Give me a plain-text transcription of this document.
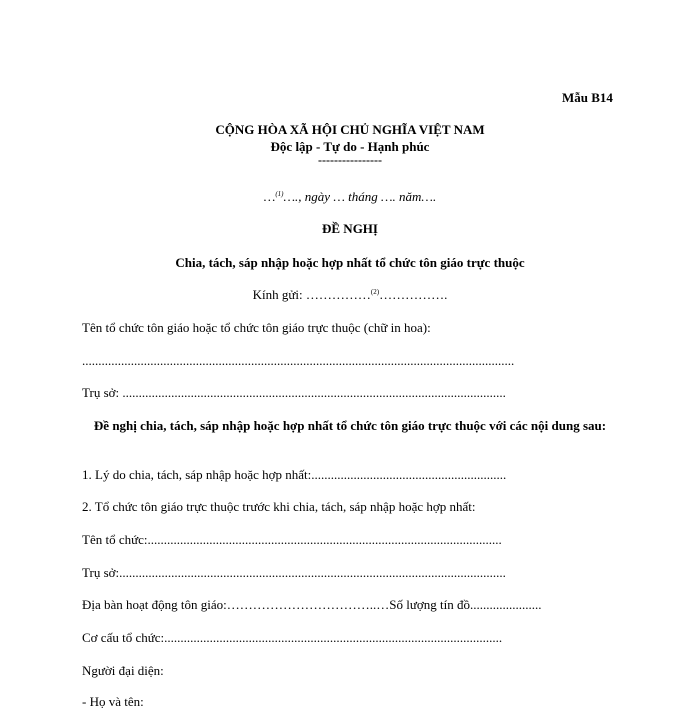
Mẫu B14
CỘNG HÒA XÃ HỘI CHỦ NGHĨA VIỆT NAM
Độc lập - Tự do - Hạnh phúc
----------------
…$^{(1)}$…., ngày … tháng …. năm….
ĐỀ NGHỊ
Chia, tách, sáp nhập hoặc hợp nhất tổ chức tôn giáo trực thuộc
Kính gửi: ……………$^{(2)}$…………….
Tên tổ chức tôn giáo hoặc tổ chức tôn giáo trực thuộc (chữ in hoa):
.....................................................................................................................................
Trụ sở: ......................................................................................................................
Đề nghị chia, tách, sáp nhập hoặc hợp nhất tổ chức tôn giáo trực thuộc với các nội dung sau:
1. Lý do chia, tách, sáp nhập hoặc hợp nhất:............................................................
2. Tổ chức tôn giáo trực thuộc trước khi chia, tách, sáp nhập hoặc hợp nhất:
Tên tổ chức:.............................................................................................................
Trụ sở:.......................................................................................................................
Địa bàn hoạt động tôn giáo:……………………………..…Số lượng tín đồ......................
Cơ cấu tổ chức:........................................................................................................
Người đại diện:
- Họ và tên:
